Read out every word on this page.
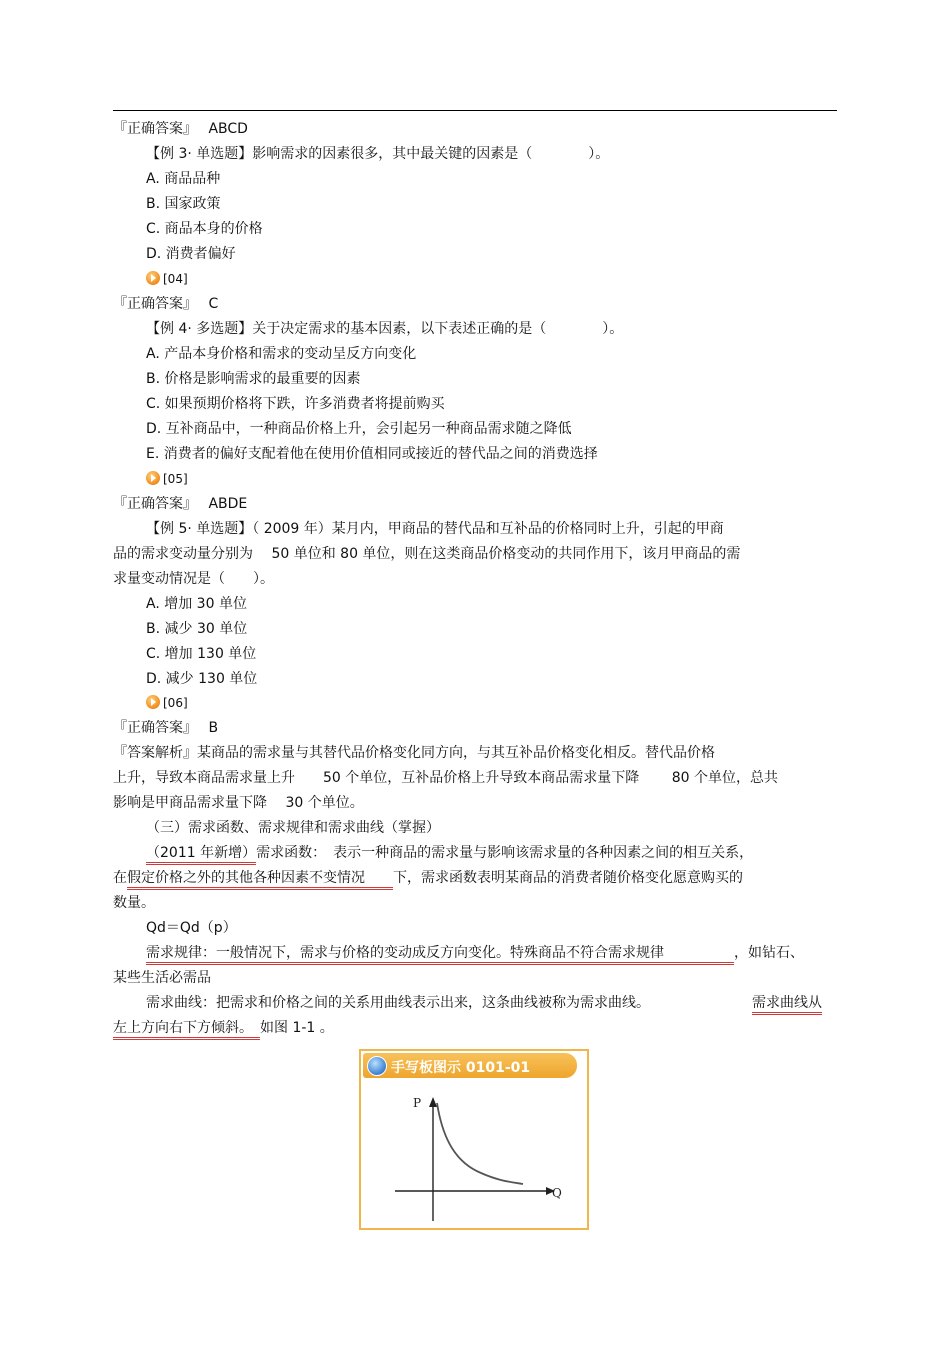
『正确答案』　 ABCD
【例 3· 单选题】影响需求的因素很多，其中最关键的因素是（　　　　）。
A. 商品品种
B. 国家政策
C. 商品本身的价格
D. 消费者偏好
[04]
『正确答案』　 C
【例 4· 多选题】关于决定需求的基本因素，以下表述正确的是（　　　　）。
A. 产品本身价格和需求的变动呈反方向变化
B. 价格是影响需求的最重要的因素
C. 如果预期价格将下跌，许多消费者将提前购买
D. 互补商品中，一种商品价格上升，会引起另一种商品需求随之降低
E. 消费者的偏好支配着他在使用价值相同或接近的替代品之间的消费选择
[05]
『正确答案』　 ABDE
【例 5· 单选题】（ 2009 年）某月内，甲商品的替代品和互补品的价格同时上升，引起的甲商
品的需求变动量分别为　 50 单位和 80 单位，则在这类商品价格变动的共同作用下，该月甲商品的需
求量变动情况是（　　）。
A. 增加 30 单位
B. 减少 30 单位
C. 增加 130 单位
D. 减少 130 单位
[06]
『正确答案』　 B
『答案解析』某商品的需求量与其替代品价格变化同方向，与其互补品价格变化相反。替代品价格
上升，导致本商品需求量上升　　50 个单位，互补品价格上升导致本商品需求量下降　　 80 个单位，总共
影响是甲商品需求量下降　 30 个单位。
（三）需求函数、需求规律和需求曲线（掌握）
（2011 年新增）需求函数：　表示一种商品的需求量与影响该需求量的各种因素之间的相互关系，
在假定价格之外的其他各种因素不变情况　　下，需求函数表明某商品的消费者随价格变化愿意购买的
数量。
Qd＝Qd（p）
需求规律：一般情况下，需求与价格的变动成反方向变化。特殊商品不符合需求规律　　　　　，如钻石、
某些生活必需品
需求曲线：把需求和价格之间的关系用曲线表示出来，这条曲线被称为需求曲线。	需求曲线从
左上方向右下方倾斜。　如图 1-1 。
手写板图示 0101-01
P
Q
